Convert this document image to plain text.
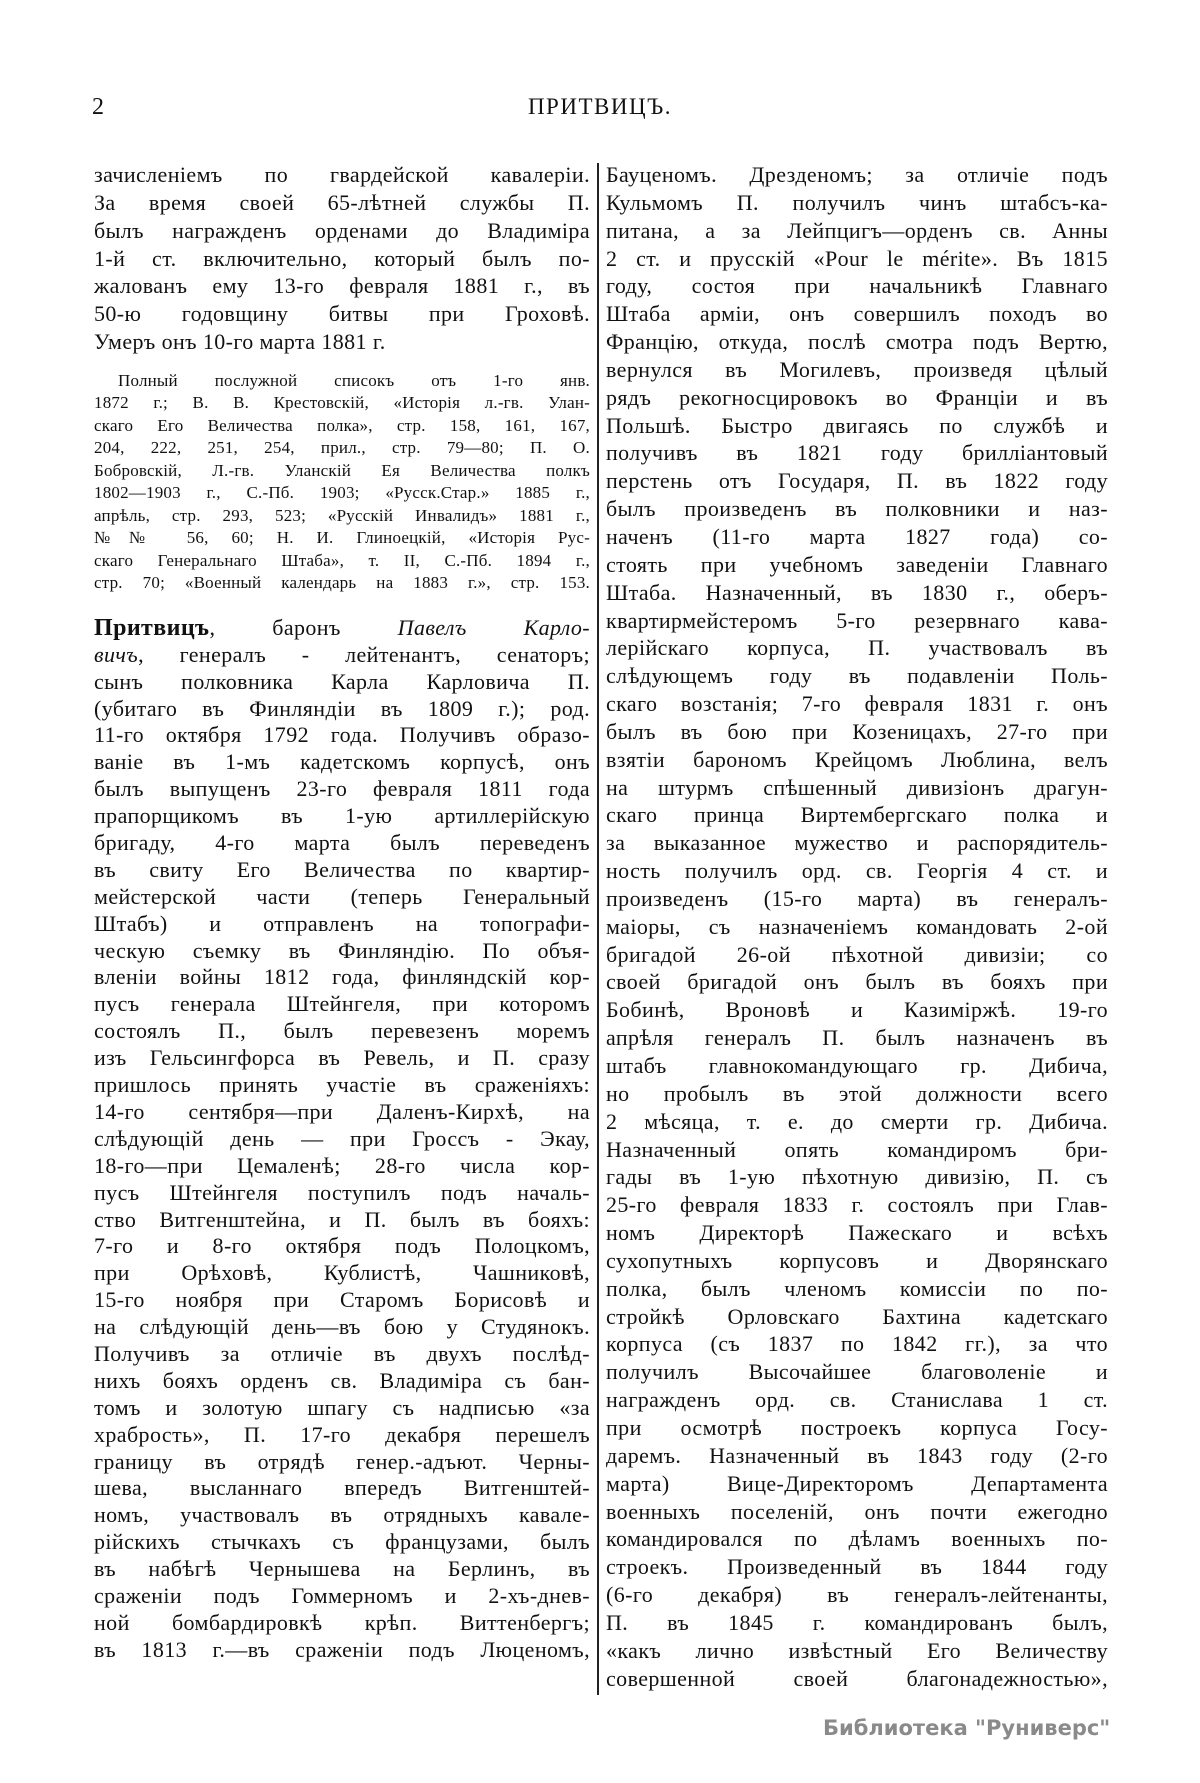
2	ПРИТВИЦЪ.
зачисленіемъ по гвардейской кавалеріи.
За время своей 65-лѣтней службы П.
былъ награжденъ орденами до Владиміра
1-й ст. включительно, который былъ по-
жалованъ ему 13-го февраля 1881 г., въ
50-ю годовщину битвы при Гроховѣ.
Умеръ онъ 10-го марта 1881 г.
Полный послужной списокъ отъ 1-го янв.
1872 г.; В. В. Крестовскій, «Исторія л.-гв. Улан-
скаго Его Величества полка», стр. 158, 161, 167,
204, 222, 251, 254, прил., стр. 79—80; П. О.
Бобровскій, Л.-гв. Уланскій Ея Величества полкъ
1802—1903 г., С.-Пб. 1903; «Русск.Стар.» 1885 г.,
апрѣль, стр. 293, 523; «Русскій Инвалидъ» 1881 г.,
№№ 56, 60; Н. И. Глиноецкій, «Исторія Рус-
скаго Генеральнаго Штаба», т. II, С.-Пб. 1894 г.,
стр. 70; «Военный календарь на 1883 г.», стр. 153.
Притвицъ, баронъ Павелъ Карло-
вичъ, генералъ - лейтенантъ, сенаторъ;
сынъ полковника Карла Карловича П.
(убитаго въ Финляндіи въ 1809 г.); род.
11-го октября 1792 года. Получивъ образо-
ваніе въ 1-мъ кадетскомъ корпусѣ, онъ
былъ выпущенъ 23-го февраля 1811 года
прапорщикомъ въ 1-ую артиллерійскую
бригаду, 4-го марта былъ переведенъ
въ свиту Его Величества по квартир-
мейстерской части (теперь Генеральный
Штабъ) и отправленъ на топографи-
ческую съемку въ Финляндію. По объя-
вленіи войны 1812 года, финляндскій кор-
пусъ генерала Штейнгеля, при которомъ
состоялъ П., былъ перевезенъ моремъ
изъ Гельсингфорса въ Ревель, и П. сразу
пришлось принять участіе въ сраженіяхъ:
14-го сентября—при Даленъ-Кирхѣ, на
слѣдующій день — при Гроссъ - Экау,
18-го—при Цемаленѣ; 28-го числа кор-
пусъ Штейнгеля поступилъ подъ началь-
ство Витгенштейна, и П. былъ въ бояхъ:
7-го и 8-го октября подъ Полоцкомъ,
при Орѣховѣ, Кублистѣ, Чашниковѣ,
15-го ноября при Старомъ Борисовѣ и
на слѣдующій день—въ бою у Студянокъ.
Получивъ за отличіе въ двухъ послѣд-
нихъ бояхъ орденъ св. Владиміра съ бан-
томъ и золотую шпагу съ надписью «за
храбрость», П. 17-го декабря перешелъ
границу въ отрядѣ генер.-адъют. Черны-
шева, высланнаго впередъ Витгенштей-
номъ, участвовалъ въ отрядныхъ кавале-
рійскихъ стычкахъ съ французами, былъ
въ набѣгѣ Чернышева на Берлинъ, въ
сраженіи подъ Гоммерномъ и 2-хъ-днев-
ной бомбардировкѣ крѣп. Виттенбергъ;
въ 1813 г.—въ сраженіи подъ Люценомъ,
Бауценомъ. Дрезденомъ; за отличіе подъ
Кульмомъ П. получилъ чинъ штабсъ-ка-
питана, а за Лейпцигъ—орденъ св. Анны
2 ст. и прусскій «Pour le mérite». Въ 1815
году, состоя при начальникѣ Главнаго
Штаба арміи, онъ совершилъ походъ во
Францію, откуда, послѣ смотра подъ Вертю,
вернулся въ Могилевъ, произведя цѣлый
рядъ рекогносцировокъ во Франціи и въ
Польшѣ. Быстро двигаясь по службѣ и
получивъ въ 1821 году брилліантовый
перстень отъ Государя, П. въ 1822 году
былъ произведенъ въ полковники и наз-
наченъ (11-го марта 1827 года) со-
стоять при учебномъ заведеніи Главнаго
Штаба. Назначенный, въ 1830 г., оберъ-
квартирмейстеромъ 5-го резервнаго кава-
лерійскаго корпуса, П. участвовалъ въ
слѣдующемъ году въ подавленіи Поль-
скаго возстанія; 7-го февраля 1831 г. онъ
былъ въ бою при Козеницахъ, 27-го при
взятіи барономъ Крейцомъ Люблина, велъ
на штурмъ спѣшенный дивизіонъ драгун-
скаго принца Виртембергскаго полка и
за выказанное мужество и распорядитель-
ность получилъ орд. св. Георгія 4 ст. и
произведенъ (15-го марта) въ генералъ-
маіоры, съ назначеніемъ командовать 2-ой
бригадой 26-ой пѣхотной дивизіи; со
своей бригадой онъ былъ въ бояхъ при
Бобинѣ, Вроновѣ и Казиміржѣ. 19-го
апрѣля генералъ П. былъ назначенъ въ
штабъ главнокомандующаго гр. Дибича,
но пробылъ въ этой должности всего
2 мѣсяца, т. е. до смерти гр. Дибича.
Назначенный опять командиромъ бри-
гады въ 1-ую пѣхотную дивизію, П. съ
25-го февраля 1833 г. состоялъ при Глав-
номъ Директорѣ Пажескаго и всѣхъ
сухопутныхъ корпусовъ и Дворянскаго
полка, былъ членомъ комиссіи по по-
стройкѣ Орловскаго Бахтина кадетскаго
корпуса (съ 1837 по 1842 гг.), за что
получилъ Высочайшее благоволеніе и
награжденъ орд. св. Станислава 1 ст.
при осмотрѣ построекъ корпуса Госу-
даремъ. Назначенный въ 1843 году (2-го
марта) Вице-Директоромъ Департамента
военныхъ поселеній, онъ почти ежегодно
командировался по дѣламъ военныхъ по-
строекъ. Произведенный въ 1844 году
(6-го декабря) въ генералъ-лейтенанты,
П. въ 1845 г. командированъ былъ,
«какъ лично извѣстный Его Величеству
совершенной своей благонадежностью»,
Библиотека "Руниверс"
